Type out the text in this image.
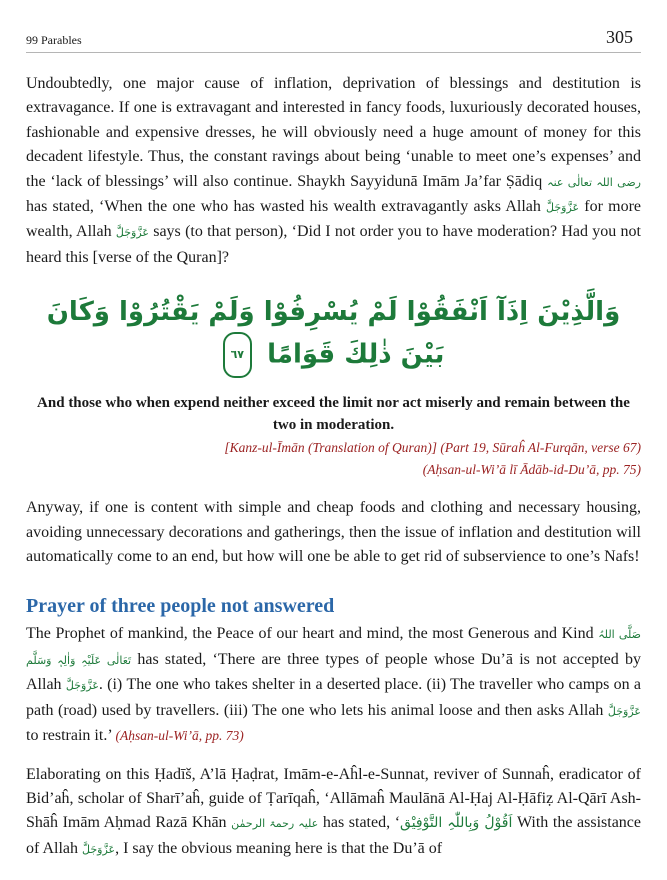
99 Parables	305

Undoubtedly, one major cause of inflation, deprivation of blessings and destitution is extravagance. If one is extravagant and interested in fancy foods, luxuriously decorated houses, fashionable and expensive dresses, he will obviously need a huge amount of money for this decadent lifestyle. Thus, the constant ravings about being ‘unable to meet one’s expenses’ and the ‘lack of blessings’ will also continue. Shaykh Sayyidunā Imām Ja’far Ṣādiq رضی اللہ تعالٰی عنہ has stated, ‘When the one who has wasted his wealth extravagantly asks Allah عَزَّوَجَلَّ for more wealth, Allah عَزَّوَجَلَّ says (to that person), ‘Did I not order you to have moderation? Had you not heard this [verse of the Quran]?

وَالَّذِيْنَ اِذَآ اَنْفَقُوْا لَمْ يُسْرِفُوْا وَلَمْ يَقْتُرُوْا وَكَانَ بَيْنَ ذٰلِكَ قَوَامًا ٦٧
And those who when expend neither exceed the limit nor act miserly and remain between the two in moderation.
[Kanz-ul-Īmān (Translation of Quran)] (Part 19, Sūraĥ Al-Furqān, verse 67)
(Aḥsan-ul-Wi’ā lī Ādāb-id-Du’ā, pp. 75)

Anyway, if one is content with simple and cheap foods and clothing and necessary housing, avoiding unnecessary decorations and gatherings, then the issue of inflation and destitution will automatically come to an end, but how will one be able to get rid of subservience to one’s Nafs!

Prayer of three people not answered

The Prophet of mankind, the Peace of our heart and mind, the most Generous and Kind صَلَّی اللہُ تَعَالٰی عَلَیْہِ وَاٰلِہٖ وَسَلَّم has stated, ‘There are three types of people whose Du’ā is not accepted by Allah عَزَّوَجَلَّ. (i) The one who takes shelter in a deserted place. (ii) The traveller who camps on a path (road) used by travellers. (iii) The one who lets his animal loose and then asks Allah عَزَّوَجَلَّ to restrain it.’ (Aḥsan-ul-Wi’ā, pp. 73)

Elaborating on this Ḥadīš, A’lā Ḥaḍrat, Imām-e-Aĥl-e-Sunnat, reviver of Sunnaĥ, eradicator of Bid’aĥ, scholar of Sharī’aĥ, guide of Ṭarīqaĥ, ‘Allāmaĥ Maulānā Al-Ḥaj Al-Ḥāfiẓ Al-Qārī Ash-Shāĥ Imām Aḥmad Razā Khān علیہ رحمۃ الرحمٰن has stated, ‘اَقُوْلُ وَبِاللّٰہِ التَّوْفِیْق With the assistance of Allah عَزَّوَجَلَّ, I say the obvious meaning here is that the Du’ā of
